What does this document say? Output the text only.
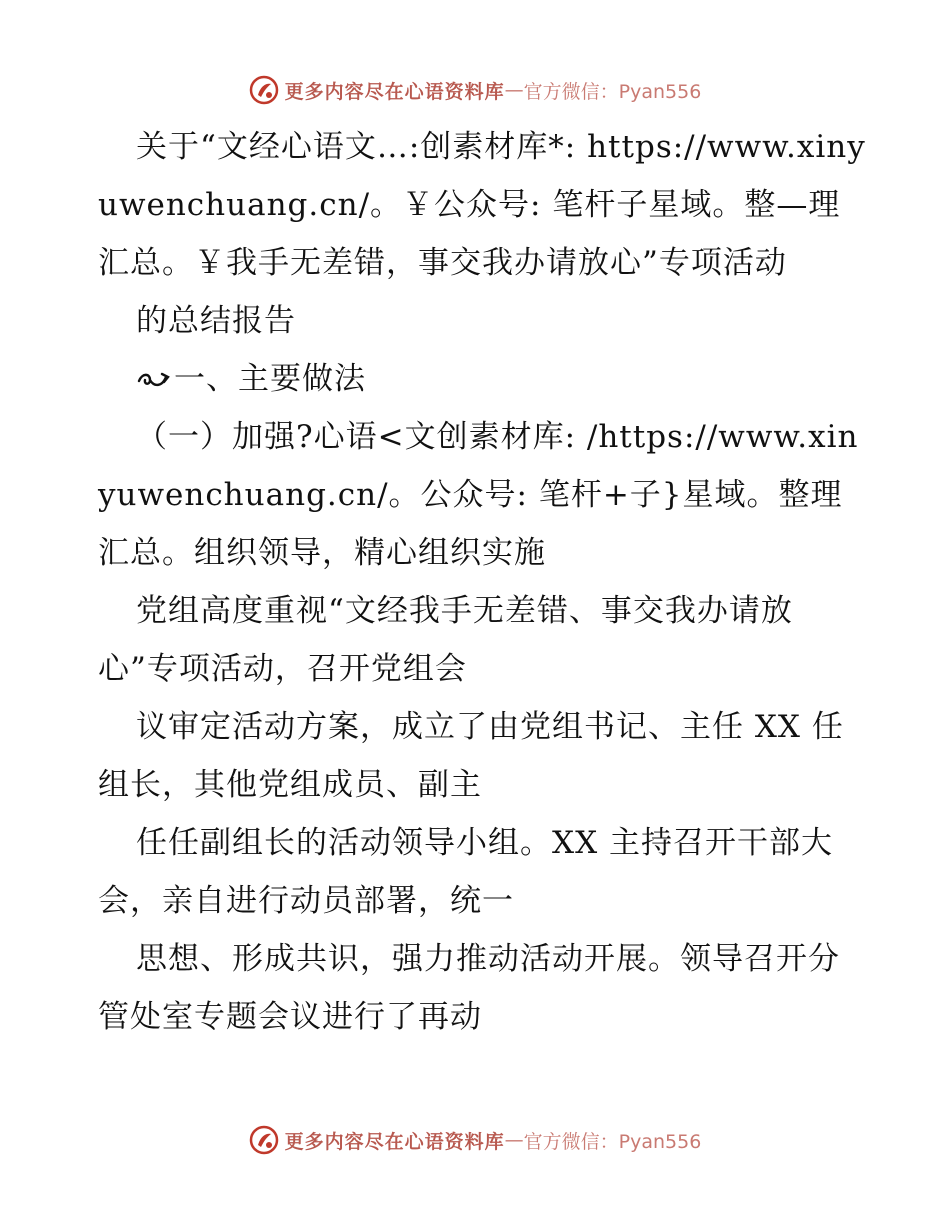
更多内容尽在心语资料库 — 官方微信：Pyan556

关于“文经心语文…:创素材库*: https://www.xinyuwenchuang.cn/。￥公众号: 笔杆子星域。整—理汇总。￥我手无差错，事交我办请放心”专项活动

的总结报告

一、主要做法

（一）加强?心语<文创素材库: /https://www.xinyuwenchuang.cn/。公众号: 笔杆+子}星域。整理汇总。组织领导，精心组织实施

党组高度重视“文经我手无差错、事交我办请放心”专项活动，召开党组会

议审定活动方案，成立了由党组书记、主任 XX 任组长，其他党组成员、副主

任任副组长的活动领导小组。XX 主持召开干部大会，亲自进行动员部署，统一

思想、形成共识，强力推动活动开展。领导召开分管处室专题会议进行了再动

更多内容尽在心语资料库 — 官方微信：Pyan556
